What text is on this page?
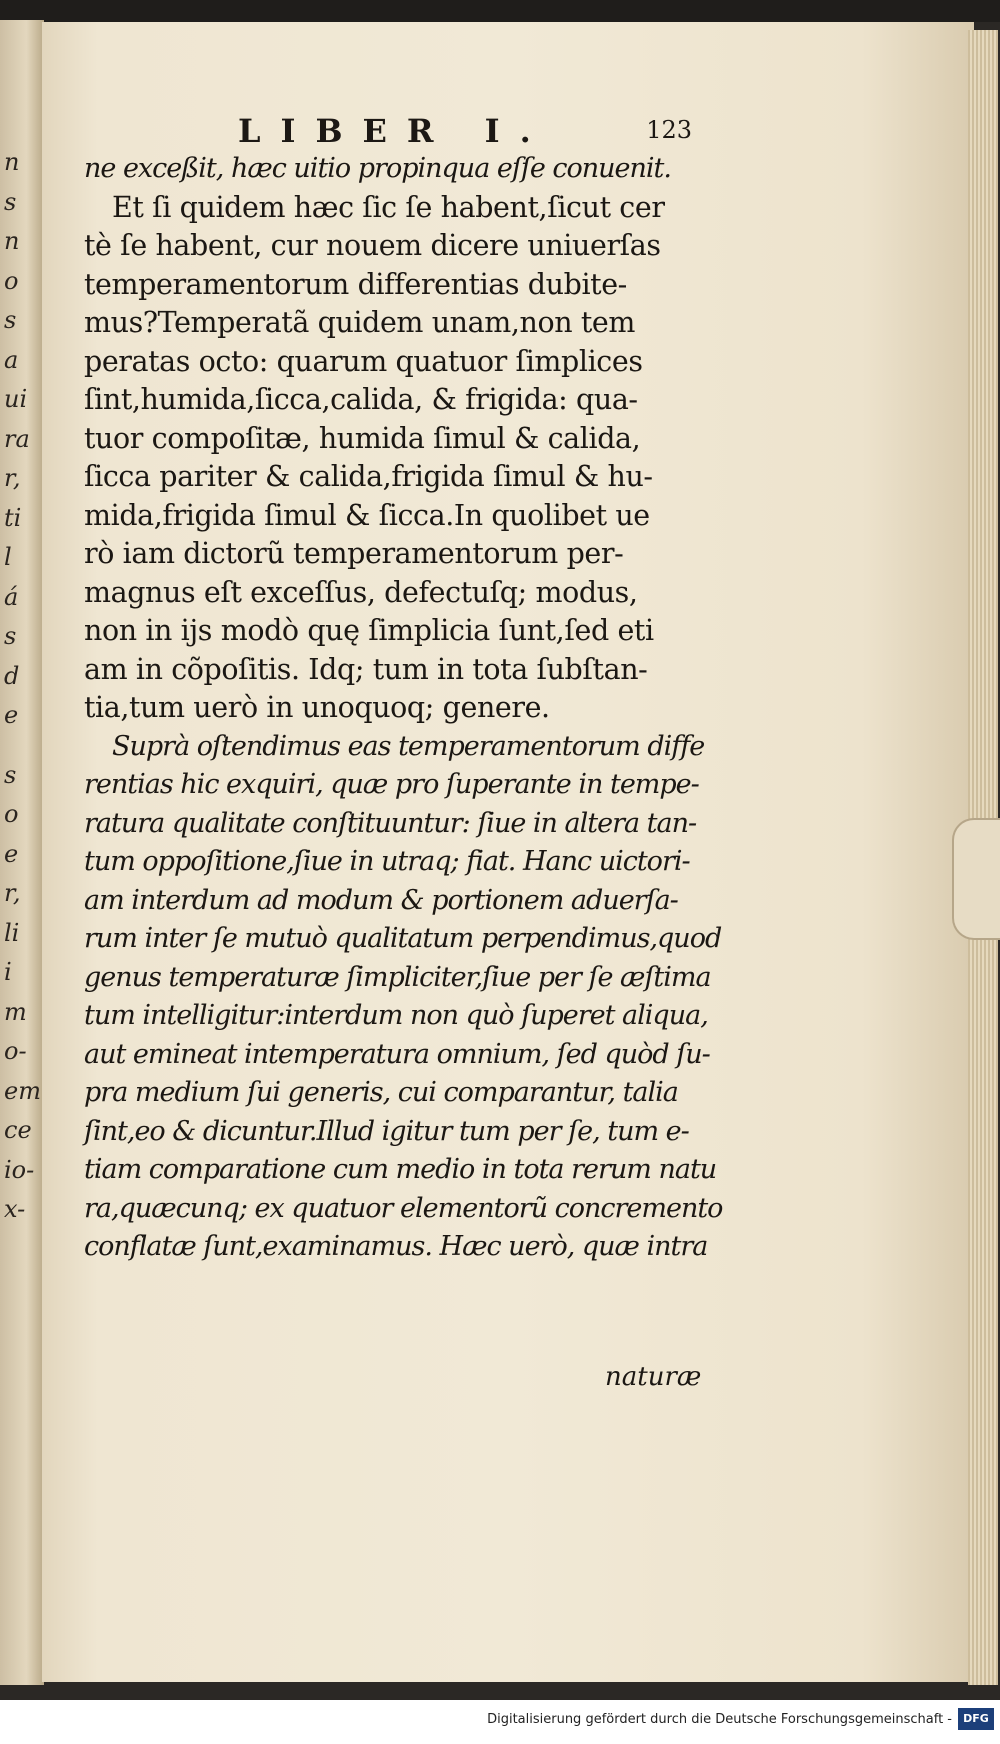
n
s
n
o
s
a
ui
ra
r,
ti
l
á
s
d
e
s
o
e
r,
li
i
m
o-
em
ce
io-
x-
LIBER I.	123
ne exceßit, hæc uitio propinqua eſſe conuenit.
Et ſi quidem hæc ſic ſe habent,ſicut cer
tè ſe habent, cur nouem dicere uniuerſas
temperamentorum differentias dubite-
mus?Temperatã quidem unam,non tem
peratas octo: quarum quatuor ſimplices
ſint,humida,ſicca,calida, & frigida: qua-
tuor compoſitæ, humida ſimul & calida,
ſicca pariter & calida,frigida ſimul & hu-
mida,frigida ſimul & ſicca.In quolibet ue
rò iam dictorũ temperamentorum per-
magnus eſt exceſſus, defectuſq; modus,
non in ijs modò quę ſimplicia ſunt,ſed eti
am in cõpoſitis. Idq; tum in tota ſubſtan-
tia,tum uerò in unoquoq; genere.
Suprà oſtendimus eas temperamentorum diffe
rentias hic exquiri, quæ pro ſuperante in tempe-
ratura qualitate conſtituuntur: ſiue in altera tan-
tum oppoſitione,ſiue in utraq; fiat. Hanc uictori-
am interdum ad modum & portionem aduerſa-
rum inter ſe mutuò qualitatum perpendimus,quod
genus temperaturæ ſimpliciter,ſiue per ſe æſtima
tum intelligitur:interdum non quò ſuperet aliqua,
aut emineat intemperatura omnium, ſed quòd ſu-
pra medium ſui generis, cui comparantur, talia
ſint,eo & dicuntur.Illud igitur tum per ſe, tum e-
tiam comparatione cum medio in tota rerum natu
ra,quæcunq; ex quatuor elementorũ concremento
conflatæ ſunt,examinamus. Hæc uerò, quæ intra
naturæ
Digitalisierung gefördert durch die Deutsche Forschungsgemeinschaft -	DFG
